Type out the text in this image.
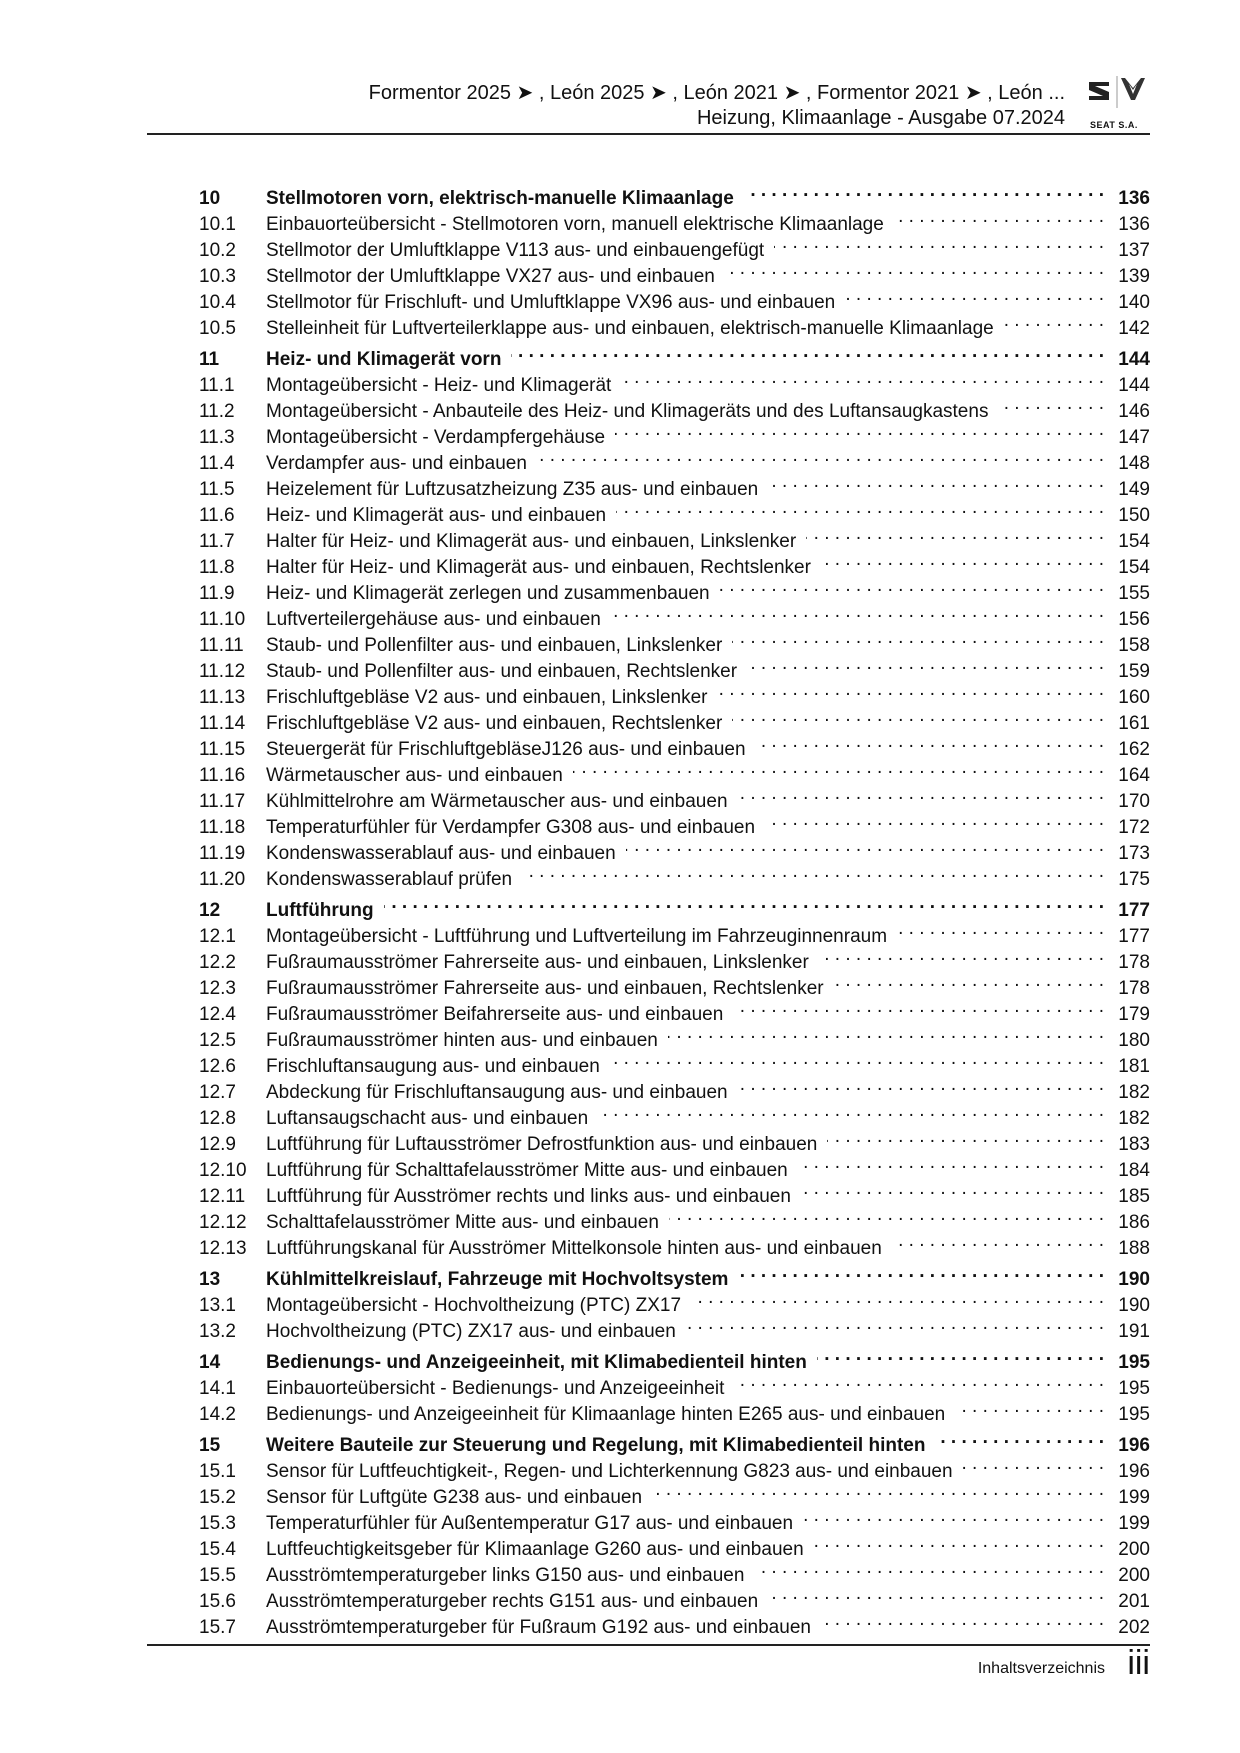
Formentor 2025 ➤ , León 2025 ➤ , León 2021 ➤ , Formentor 2021 ➤ , León ...
Heizung, Klimaanlage - Ausgabe 07.2024	SEAT S.A.
10	Stellmotoren vorn, elektrisch-manuelle Klimaanlage . . .	136
10.1	Einbauorteübersicht - Stellmotoren vorn, manuell elektrische Klimaanlage . . .	136
10.2	Stellmotor der Umluftklappe V113 aus- und einbauengefügt . . .	137
10.3	Stellmotor der Umluftklappe VX27 aus- und einbauen . . .	139
10.4	Stellmotor für Frischluft- und Umluftklappe VX96 aus- und einbauen . . .	140
10.5	Stelleinheit für Luftverteilerklappe aus- und einbauen, elektrisch-manuelle Klimaanlage . . .	142
11	Heiz- und Klimagerät vorn . . .	144
11.1	Montageübersicht - Heiz- und Klimagerät . . .	144
11.2	Montageübersicht - Anbauteile des Heiz- und Klimageräts und des Luftansaugkastens . . .	146
11.3	Montageübersicht - Verdampfergehäuse . . .	147
11.4	Verdampfer aus- und einbauen . . .	148
11.5	Heizelement für Luftzusatzheizung Z35 aus- und einbauen . . .	149
11.6	Heiz- und Klimagerät aus- und einbauen . . .	150
11.7	Halter für Heiz- und Klimagerät aus- und einbauen, Linkslenker . . .	154
11.8	Halter für Heiz- und Klimagerät aus- und einbauen, Rechtslenker . . .	154
11.9	Heiz- und Klimagerät zerlegen und zusammenbauen . . .	155
11.10	Luftverteilergehäuse aus- und einbauen . . .	156
11.11	Staub- und Pollenfilter aus- und einbauen, Linkslenker . . .	158
11.12	Staub- und Pollenfilter aus- und einbauen, Rechtslenker . . .	159
11.13	Frischluftgebläse V2 aus- und einbauen, Linkslenker . . .	160
11.14	Frischluftgebläse V2 aus- und einbauen, Rechtslenker . . .	161
11.15	Steuergerät für FrischluftgebläseJ126 aus- und einbauen . . .	162
11.16	Wärmetauscher aus- und einbauen . . .	164
11.17	Kühlmittelrohre am Wärmetauscher aus- und einbauen . . .	170
11.18	Temperaturfühler für Verdampfer G308 aus- und einbauen . . .	172
11.19	Kondenswasserablauf aus- und einbauen . . .	173
11.20	Kondenswasserablauf prüfen . . .	175
12	Luftführung . . .	177
12.1	Montageübersicht - Luftführung und Luftverteilung im Fahrzeuginnenraum . . .	177
12.2	Fußraumausströmer Fahrerseite aus- und einbauen, Linkslenker . . .	178
12.3	Fußraumausströmer Fahrerseite aus- und einbauen, Rechtslenker . . .	178
12.4	Fußraumausströmer Beifahrerseite aus- und einbauen . . .	179
12.5	Fußraumausströmer hinten aus- und einbauen . . .	180
12.6	Frischluftansaugung aus- und einbauen . . .	181
12.7	Abdeckung für Frischluftansaugung aus- und einbauen . . .	182
12.8	Luftansaugschacht aus- und einbauen . . .	182
12.9	Luftführung für Luftausströmer Defrostfunktion aus- und einbauen . . .	183
12.10	Luftführung für Schalttafelausströmer Mitte aus- und einbauen . . .	184
12.11	Luftführung für Ausströmer rechts und links aus- und einbauen . . .	185
12.12	Schalttafelausströmer Mitte aus- und einbauen . . .	186
12.13	Luftführungskanal für Ausströmer Mittelkonsole hinten aus- und einbauen . . .	188
13	Kühlmittelkreislauf, Fahrzeuge mit Hochvoltsystem . . .	190
13.1	Montageübersicht - Hochvoltheizung (PTC) ZX17 . . .	190
13.2	Hochvoltheizung (PTC) ZX17 aus- und einbauen . . .	191
14	Bedienungs- und Anzeigeeinheit, mit Klimabedienteil hinten . . .	195
14.1	Einbauorteübersicht - Bedienungs- und Anzeigeeinheit . . .	195
14.2	Bedienungs- und Anzeigeeinheit für Klimaanlage hinten E265 aus- und einbauen . . .	195
15	Weitere Bauteile zur Steuerung und Regelung, mit Klimabedienteil hinten . . .	196
15.1	Sensor für Luftfeuchtigkeit-, Regen- und Lichterkennung G823 aus- und einbauen . . .	196
15.2	Sensor für Luftgüte G238 aus- und einbauen . . .	199
15.3	Temperaturfühler für Außentemperatur G17 aus- und einbauen . . .	199
15.4	Luftfeuchtigkeitsgeber für Klimaanlage G260 aus- und einbauen . . .	200
15.5	Ausströmtemperaturgeber links G150 aus- und einbauen . . .	200
15.6	Ausströmtemperaturgeber rechts G151 aus- und einbauen . . .	201
15.7	Ausströmtemperaturgeber für Fußraum G192 aus- und einbauen . . .	202
Inhaltsverzeichnis iii
